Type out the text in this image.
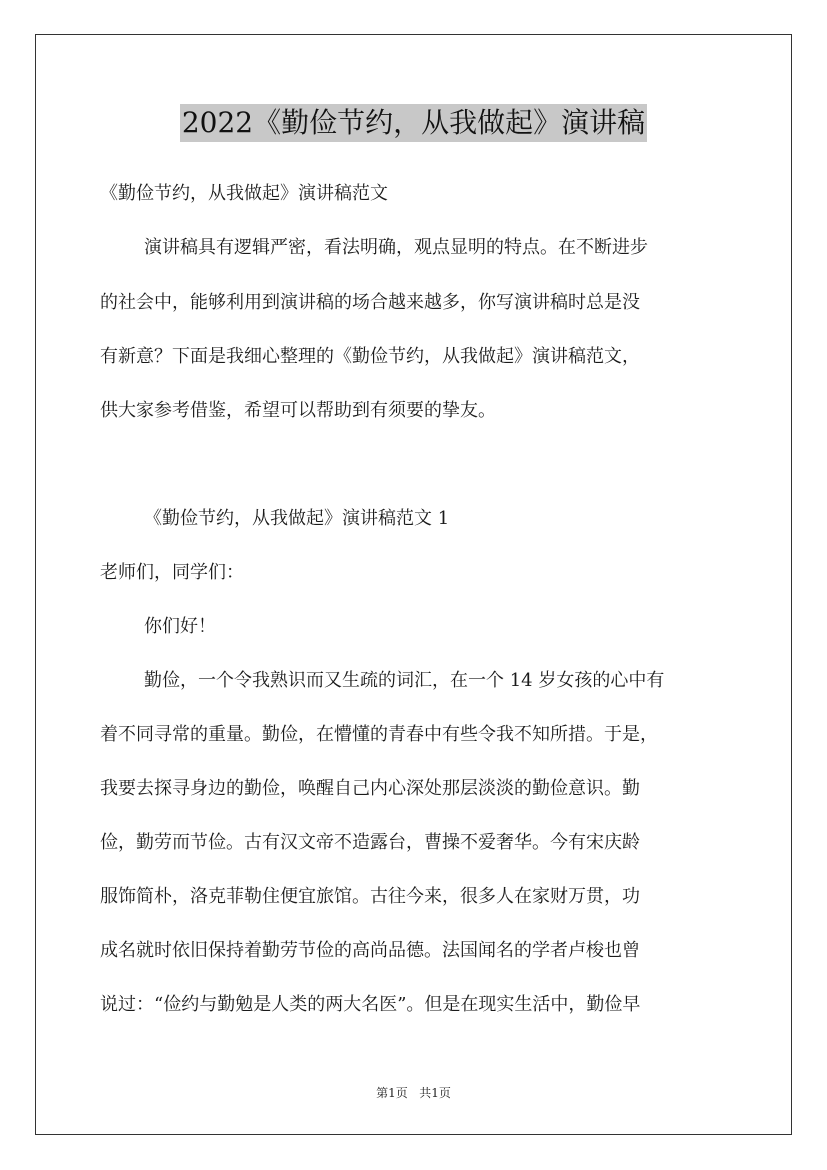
2022《勤俭节约，从我做起》演讲稿
《勤俭节约，从我做起》演讲稿范文
演讲稿具有逻辑严密，看法明确，观点显明的特点。在不断进步
的社会中，能够利用到演讲稿的场合越来越多，你写演讲稿时总是没
有新意？下面是我细心整理的《勤俭节约，从我做起》演讲稿范文，
供大家参考借鉴，希望可以帮助到有须要的挚友。
《勤俭节约，从我做起》演讲稿范文 1
老师们，同学们：
你们好！
勤俭，一个令我熟识而又生疏的词汇，在一个 14 岁女孩的心中有
着不同寻常的重量。勤俭，在懵懂的青春中有些令我不知所措。于是，
我要去探寻身边的勤俭，唤醒自己内心深处那层淡淡的勤俭意识。勤
俭，勤劳而节俭。古有汉文帝不造露台，曹操不爱奢华。今有宋庆龄
服饰简朴，洛克菲勒住便宜旅馆。古往今来，很多人在家财万贯，功
成名就时依旧保持着勤劳节俭的高尚品德。法国闻名的学者卢梭也曾
说过：“俭约与勤勉是人类的两大名医”。但是在现实生活中，勤俭早
第1页   共1页
